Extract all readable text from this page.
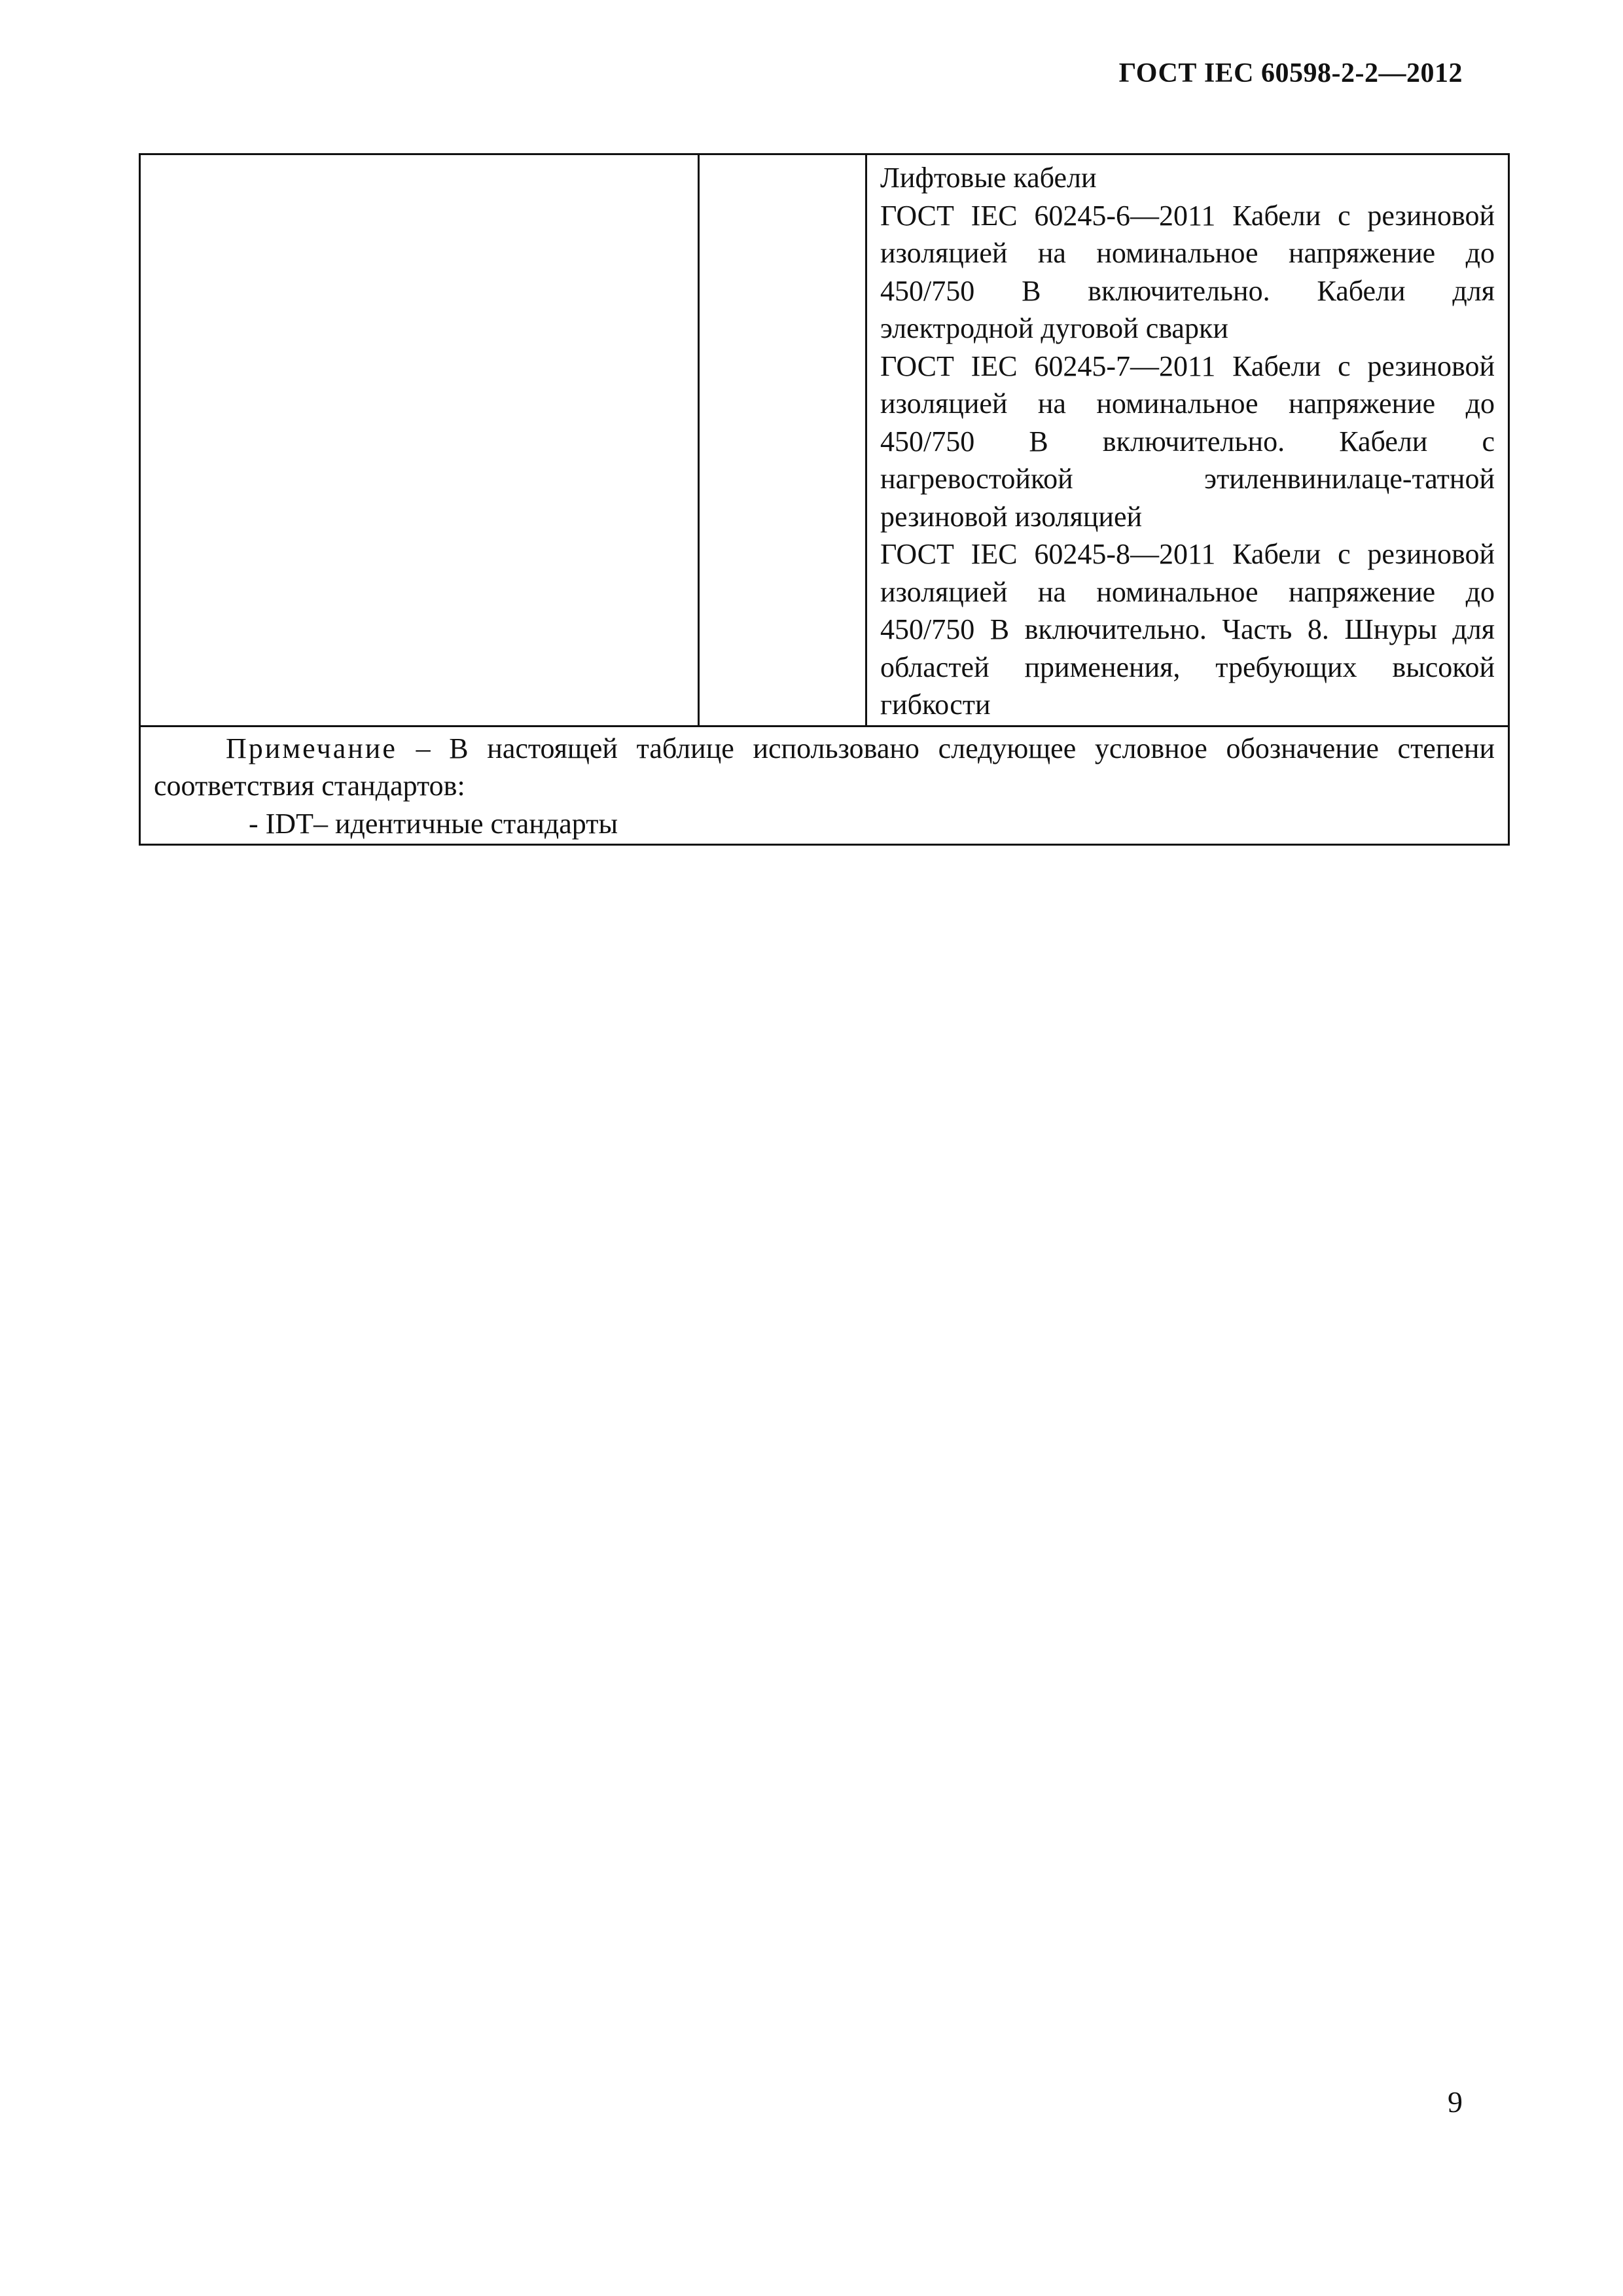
ГОСТ IEC 60598-2-2—2012

Лифтовые кабели

ГОСТ IEC 60245-6—2011 Кабели с резиновой изоляцией на номинальное напряжение до 450/750 В включительно. Кабели для электродной дуговой сварки

ГОСТ IEC 60245-7—2011 Кабели с резиновой изоляцией на номинальное напряжение до 450/750 В включительно. Кабели с нагревостойкой этиленвинилаце-татной резиновой изоляцией

ГОСТ IEC 60245-8—2011 Кабели с резиновой изоляцией на номинальное напряжение до 450/750 В включительно. Часть 8. Шнуры для областей применения, требующих высокой гибкости

Примечание – В настоящей таблице использовано следующее условное обозначение степени соответствия стандартов:

- IDT– идентичные стандарты

9
